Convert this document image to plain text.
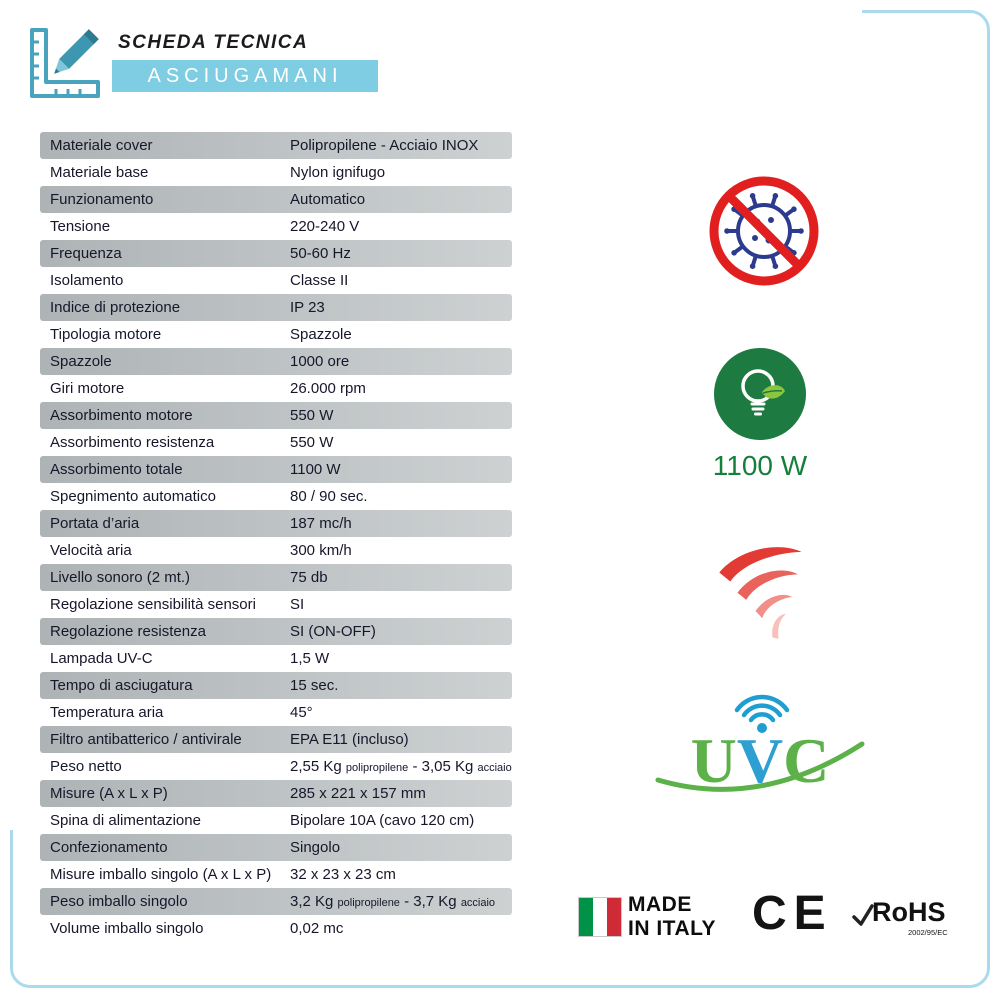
SCHEDA TECNICA
ASCIUGAMANI
Materiale cover	Polipropilene - Acciaio INOX
Materiale base	Nylon ignifugo
Funzionamento	Automatico
Tensione	220-240 V
Frequenza	50-60 Hz
Isolamento	Classe II
Indice di protezione	IP 23
Tipologia motore	Spazzole
Spazzole	1000 ore
Giri motore	26.000 rpm
Assorbimento motore	550 W
Assorbimento resistenza	550 W
Assorbimento totale	1100 W
Spegnimento automatico	80 / 90 sec.
Portata d’aria	187 mc/h
Velocità aria	300 km/h
Livello sonoro (2 mt.)	75 db
Regolazione sensibilità sensori	SI
Regolazione resistenza	SI (ON-OFF)
Lampada UV-C	1,5 W
Tempo di asciugatura	15 sec.
Temperatura aria	45°
Filtro antibatterico / antivirale	EPA E11 (incluso)
Peso netto	2,55 Kg polipropilene - 3,05 Kg acciaio
Misure (A x L x P)	285 x 221 x 157 mm
Spina di alimentazione	Bipolare 10A (cavo 120 cm)
Confezionamento	Singolo
Misure imballo singolo (A x L x P)	32 x 23 x 23 cm
Peso imballo singolo	3,2 Kg polipropilene - 3,7 Kg acciaio
Volume imballo singolo	0,02 mc
1100 W
UVC
MADE
IN ITALY CE RoHS
2002/95/EC
